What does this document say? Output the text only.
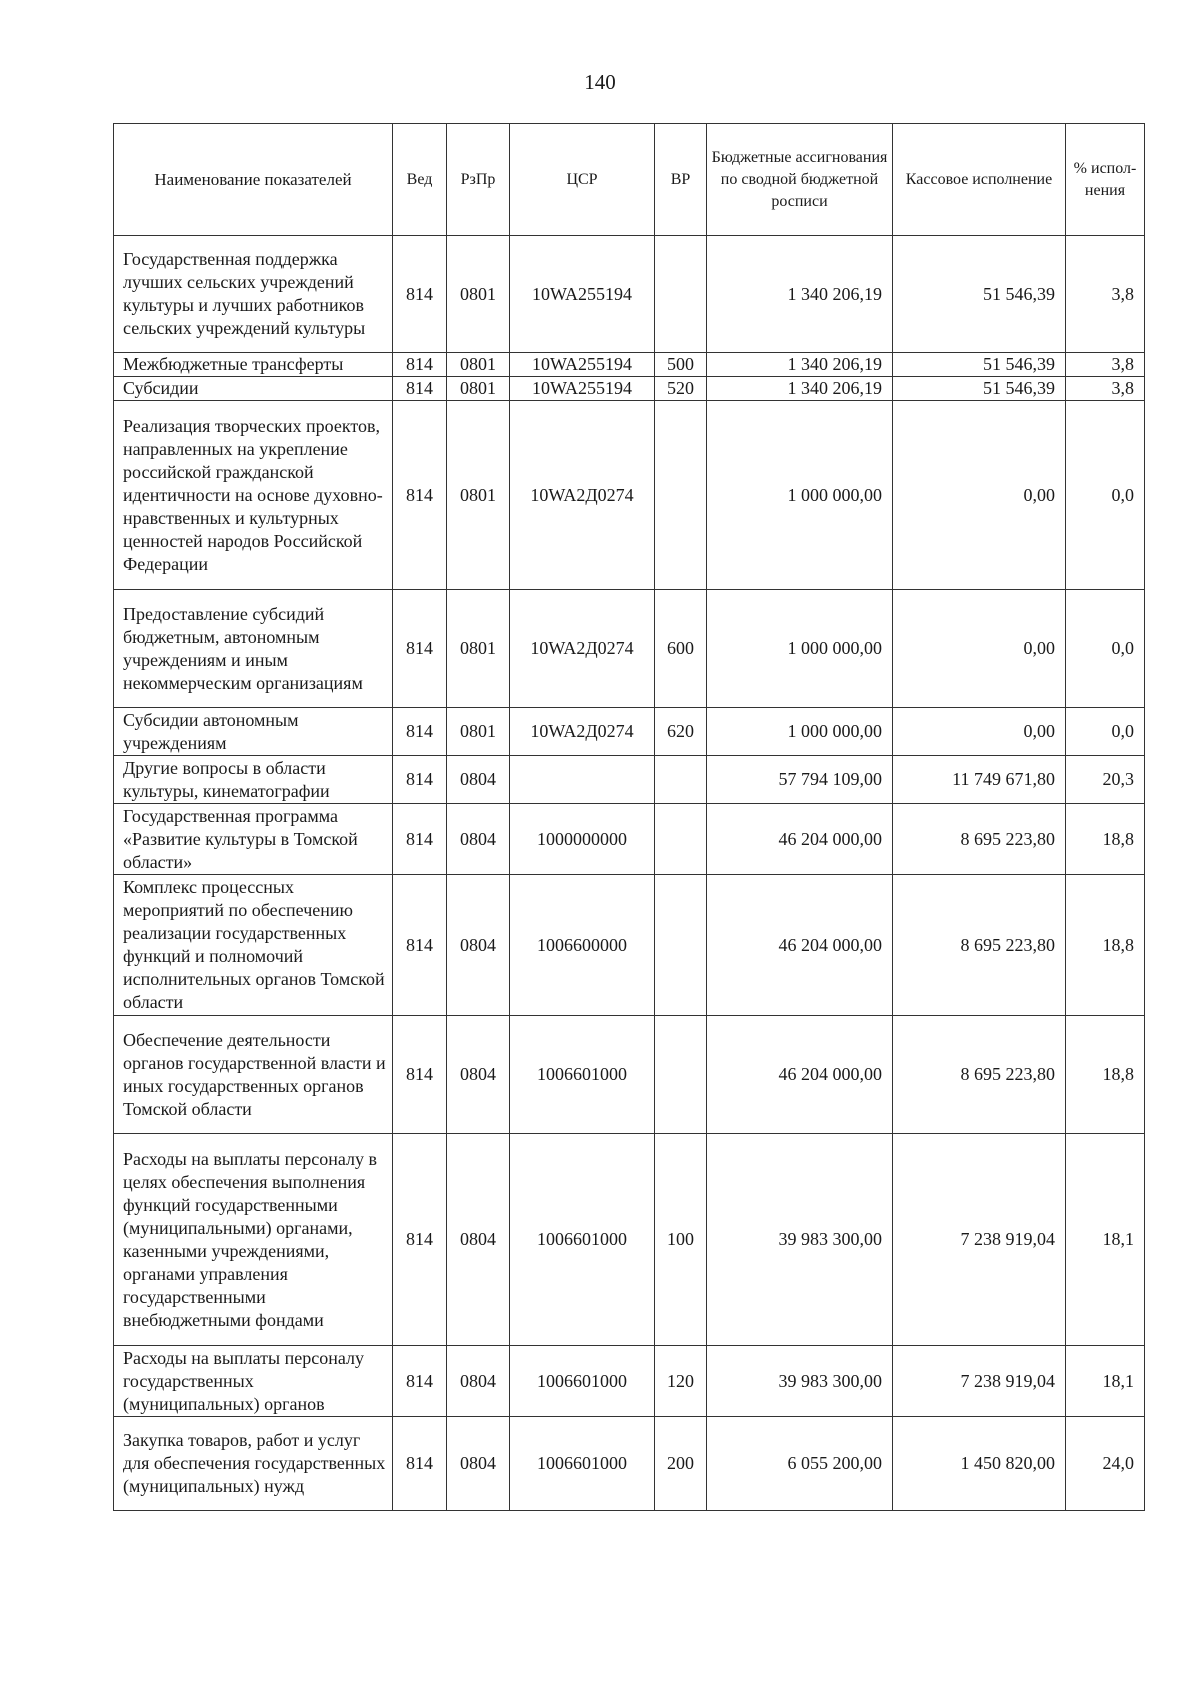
140
Наименование показателей	Вед	РзПр	ЦСР	ВР	Бюджетные ассигнования по сводной бюджетной росписи	Кассовое исполнение	% испол-нения
Государственная поддержка лучших сельских учреждений культуры и лучших работников сельских учреждений культуры	814	0801	10WA255194		1 340 206,19	51 546,39	3,8
Межбюджетные трансферты	814	0801	10WA255194	500	1 340 206,19	51 546,39	3,8
Субсидии	814	0801	10WA255194	520	1 340 206,19	51 546,39	3,8
Реализация творческих проектов, направленных на укрепление российской гражданской идентичности на основе духовно-нравственных и культурных ценностей народов Российской Федерации	814	0801	10WA2Д0274		1 000 000,00	0,00	0,0
Предоставление субсидий бюджетным, автономным учреждениям и иным некоммерческим организациям	814	0801	10WA2Д0274	600	1 000 000,00	0,00	0,0
Субсидии автономным учреждениям	814	0801	10WA2Д0274	620	1 000 000,00	0,00	0,0
Другие вопросы в области культуры, кинематографии	814	0804			57 794 109,00	11 749 671,80	20,3
Государственная программа «Развитие культуры в Томской области»	814	0804	1000000000		46 204 000,00	8 695 223,80	18,8
Комплекс процессных мероприятий по обеспечению реализации государственных функций и полномочий исполнительных органов Томской области	814	0804	1006600000		46 204 000,00	8 695 223,80	18,8
Обеспечение деятельности органов государственной власти и иных государственных органов Томской области	814	0804	1006601000		46 204 000,00	8 695 223,80	18,8
Расходы на выплаты персоналу в целях обеспечения выполнения функций государственными (муниципальными) органами, казенными учреждениями, органами управления государственными внебюджетными фондами	814	0804	1006601000	100	39 983 300,00	7 238 919,04	18,1
Расходы на выплаты персоналу государственных (муниципальных) органов	814	0804	1006601000	120	39 983 300,00	7 238 919,04	18,1
Закупка товаров, работ и услуг для обеспечения государственных (муниципальных) нужд	814	0804	1006601000	200	6 055 200,00	1 450 820,00	24,0
